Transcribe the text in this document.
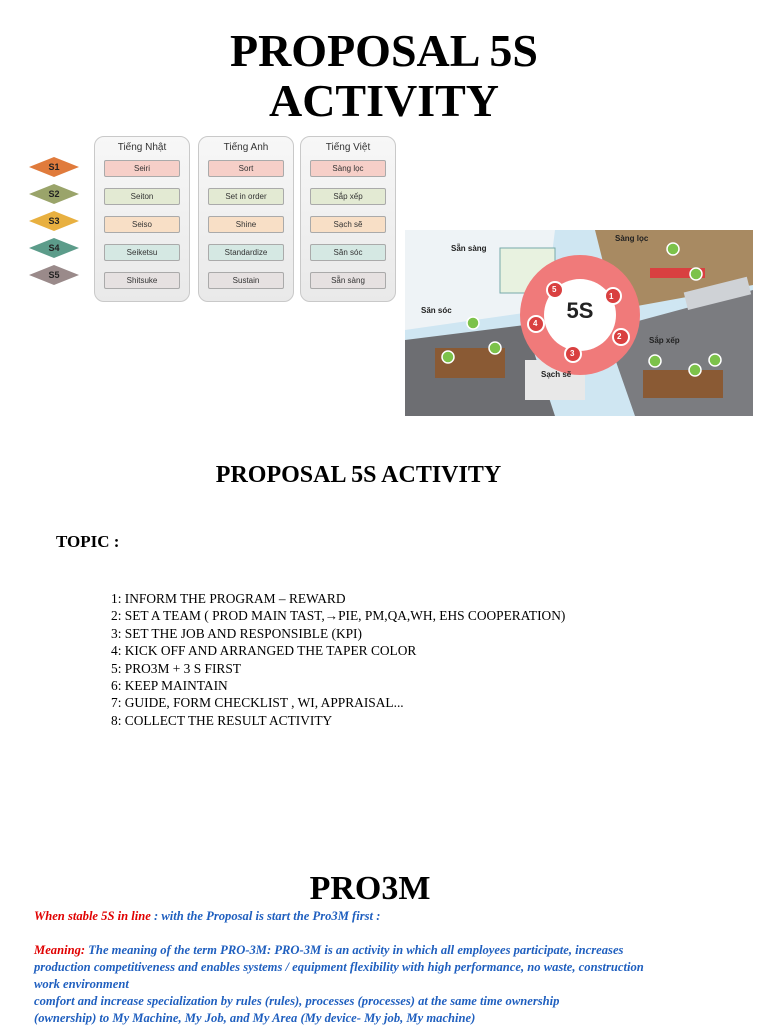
PROPOSAL 5S
ACTIVITY
S1
S2
S3
S4
S5
Tiếng Nhật
Seiri
Seiton
Seiso
Seiketsu
Shitsuke
Tiếng Anh
Sort
Set in order
Shine
Standardize
Sustain
Tiếng Việt
Sàng lọc
Sắp xếp
Sạch sẽ
Săn sóc
Sẵn sàng
Sẵn sàng
Sàng lọc
Săn sóc
Sắp xếp
Sạch sẽ
5S
1
2
3
4
5
PROPOSAL 5S ACTIVITY
TOPIC :
1: INFORM THE PROGRAM – REWARD
2: SET A TEAM ( PROD MAIN TAST,→PIE, PM,QA,WH, EHS COOPERATION)
3: SET THE JOB AND RESPONSIBLE (KPI)
4: KICK OFF AND ARRANGED THE TAPER COLOR
5: PRO3M + 3 S FIRST
6: KEEP MAINTAIN
7: GUIDE, FORM CHECKLIST , WI, APPRAISAL...
8: COLLECT THE RESULT ACTIVITY
PRO3M
When stable 5S in line : with the Proposal is start the Pro3M first :
Meaning: The meaning of the term PRO-3M: PRO-3M is an activity in which all employees participate, increases
production competitiveness and enables systems / equipment flexibility with high performance, no waste, construction
work environment
comfort and increase specialization by rules (rules), processes (processes) at the same time ownership
(ownership) to My Machine, My Job, and My Area (My device- My job, My machine)
